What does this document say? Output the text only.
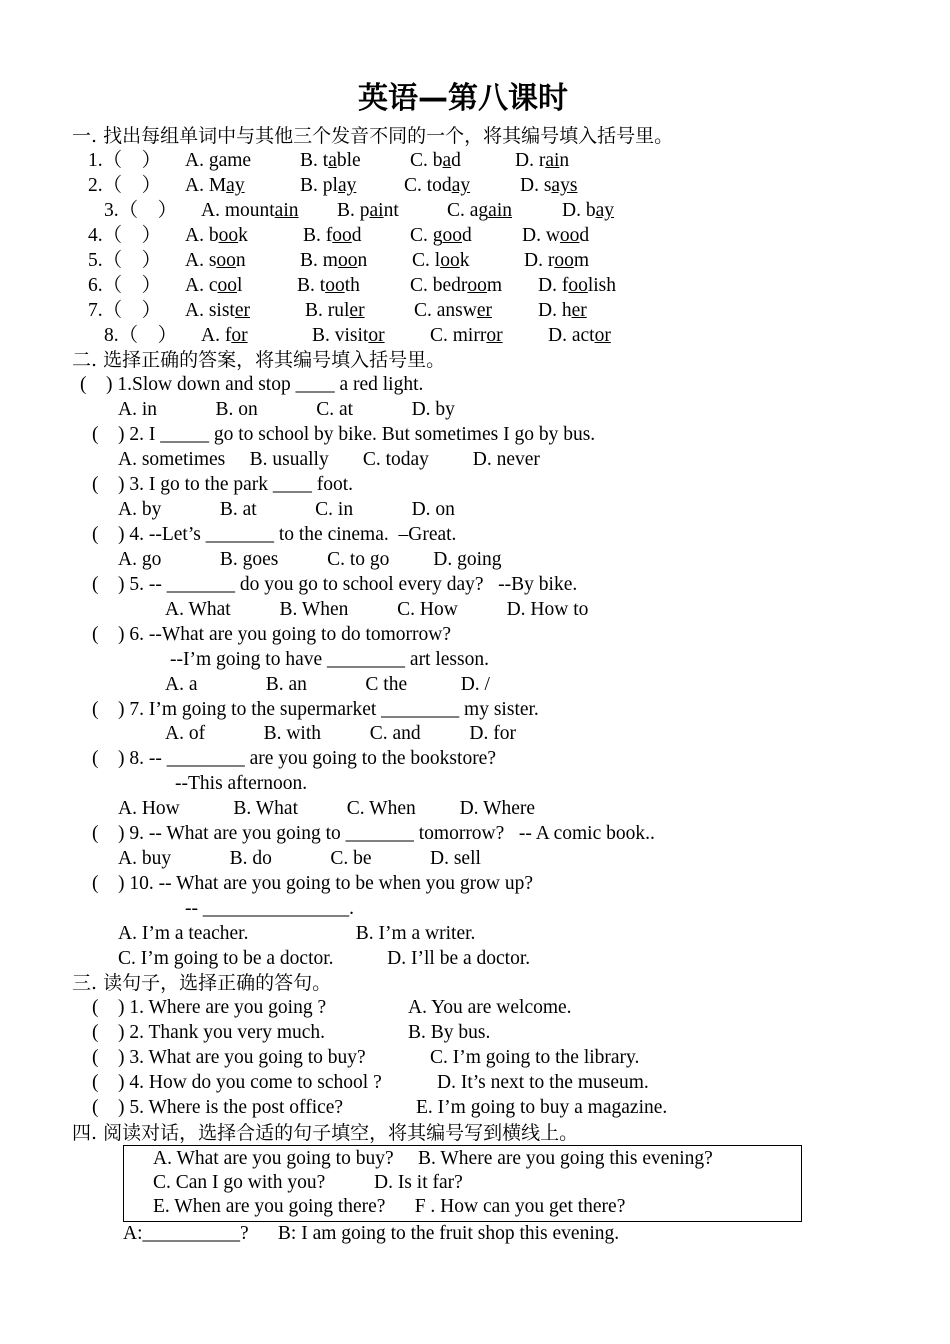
英语—第八课时
一. 找出每组单词中与其他三个发音不同的一个，将其编号填入括号里。
1.（    ） A. game	B. table	C. bad	D. rain
2.（    ） A. May	B. play C. today	D. says
3.（    ） A. mountain B. paint C. again	D. bay
4.（    ） A. book	B. food C. good	D. wood
5.（    ） A. soon	B. moon C. look	D. room
6.（    ） A. cool	B. tooth	C. bedroom D. foolish
7.（    ） A. sister	B. ruler	C. answer D. her
8.（    ） A. for	B. visitor C. mirror D. actor
二. 选择正确的答案，将其编号填入括号里。
(    ) 1.Slow down and stop ____ a red light.
A. in            B. on            C. at            D. by
(    ) 2. I _____ go to school by bike. But sometimes I go by bus.
A. sometimes     B. usually       C. today         D. never
(    ) 3. I go to the park ____ foot.
A. by            B. at            C. in            D. on
(    ) 4. --Let’s _______ to the cinema.  –Great.
A. go            B. goes          C. to go         D. going
(    ) 5. -- _______ do you go to school every day?   --By bike.
A. What          B. When          C. How          D. How to
(    ) 6. --What are you going to do tomorrow?
--I’m going to have ________ art lesson.
A. a              B. an            C the           D. /
(    ) 7. I’m going to the supermarket ________ my sister.
A. of            B. with          C. and          D. for
(    ) 8. -- ________ are you going to the bookstore?
--This afternoon.
A. How           B. What          C. When         D. Where
(    ) 9. -- What are you going to _______ tomorrow?   -- A comic book..
A. buy            B. do            C. be            D. sell
(    ) 10. -- What are you going to be when you grow up?
-- _______________.
A. I’m a teacher.                      B. I’m a writer.
C. I’m going to be a doctor.           D. I’ll be a doctor.
三. 读句子，选择正确的答句。
(    ) 1. Where are you going ?	A. You are welcome.
(    ) 2. Thank you very much.	B. By bus.
(    ) 3. What are you going to buy?	C. I’m going to the library.
(    ) 4. How do you come to school ?	D. It’s next to the museum.
(    ) 5. Where is the post office?	E. I’m going to buy a magazine.
四. 阅读对话，选择合适的句子填空，将其编号写到横线上。
A. What are you going to buy?     B. Where are you going this evening?
C. Can I go with you?          D. Is it far?
E. When are you going there?      F . How can you get there?
A:__________?      B: I am going to the fruit shop this evening.
